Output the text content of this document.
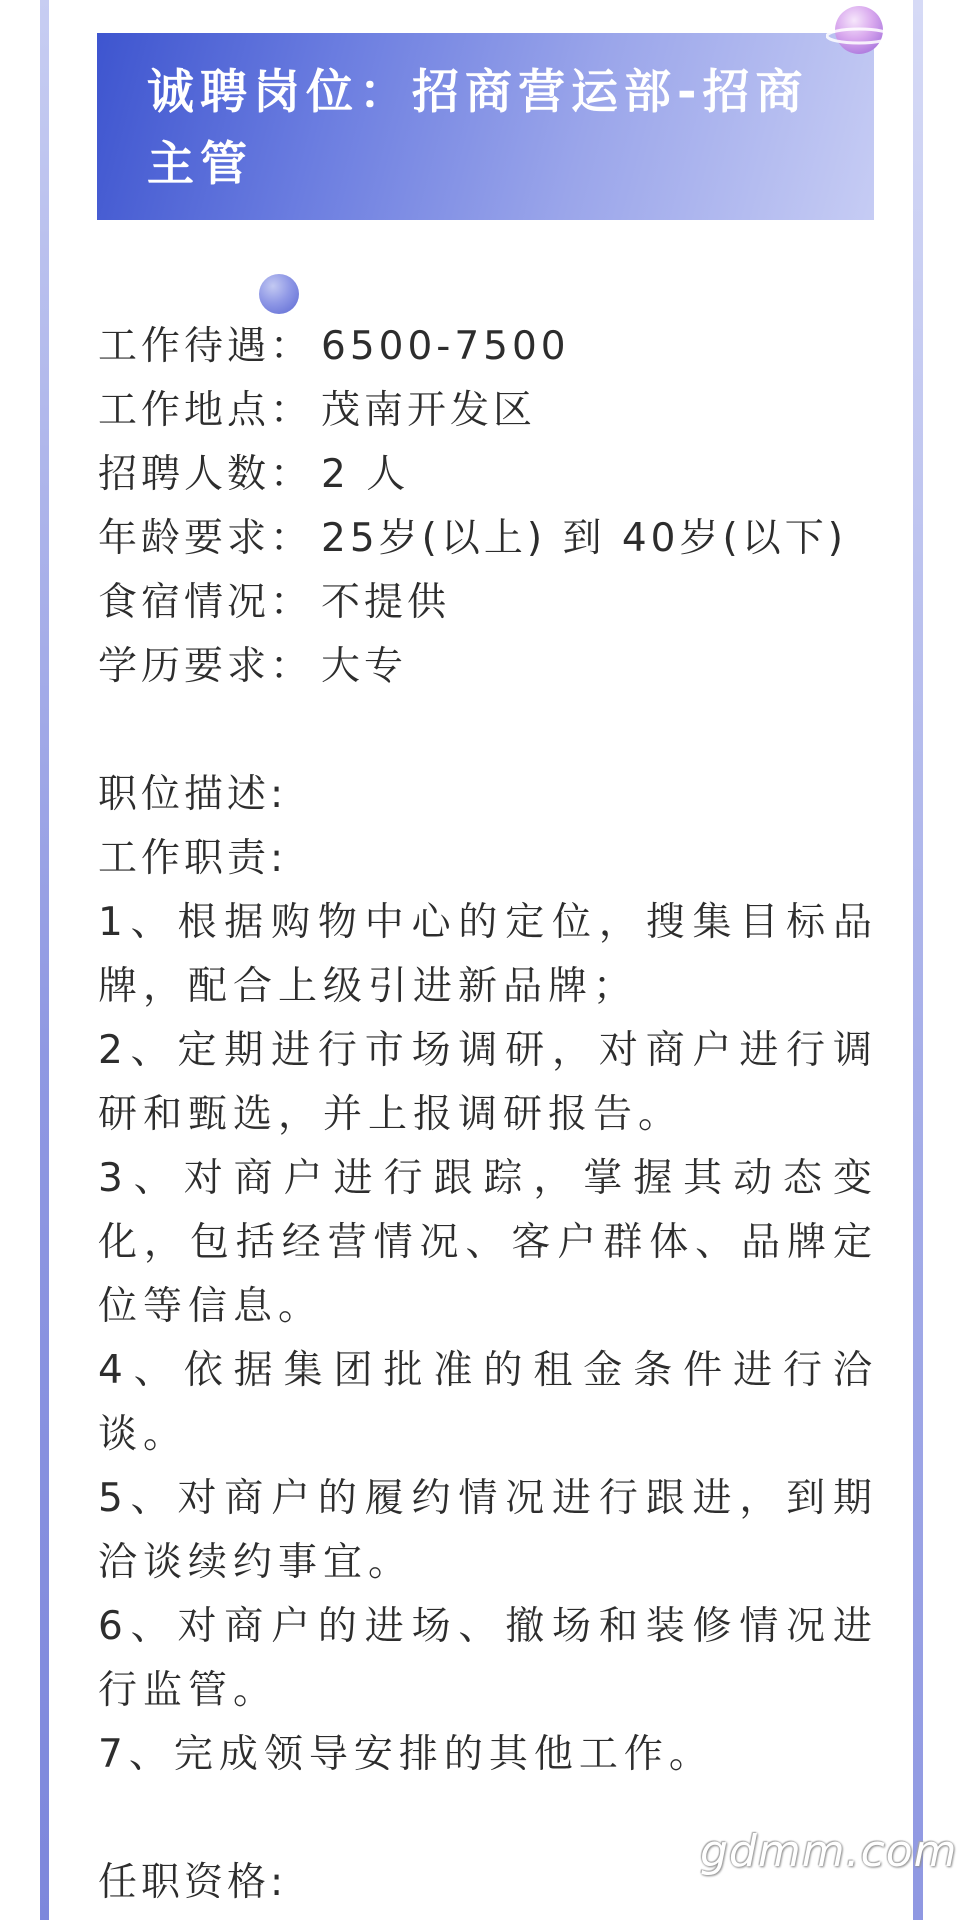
诚聘岗位：招商营运部-招商主管
工作待遇： 6500-7500
工作地点： 茂南开发区
招聘人数： 2 人
年龄要求： 25岁(以上) 到 40岁(以下)
食宿情况： 不提供
学历要求： 大专

职位描述:

工作职责:

1、根据购物中心的定位，搜集目标品牌，配合上级引进新品牌；

2、定期进行市场调研，对商户进行调研和甄选，并上报调研报告。

3、对商户进行跟踪，掌握其动态变化，包括经营情况、客户群体、品牌定位等信息。

4、依据集团批准的租金条件进行洽谈。

5、对商户的履约情况进行跟进，到期洽谈续约事宜。

6、对商户的进场、撤场和装修情况进行监管。

7、完成领导安排的其他工作。

任职资格:

gdmm.com
